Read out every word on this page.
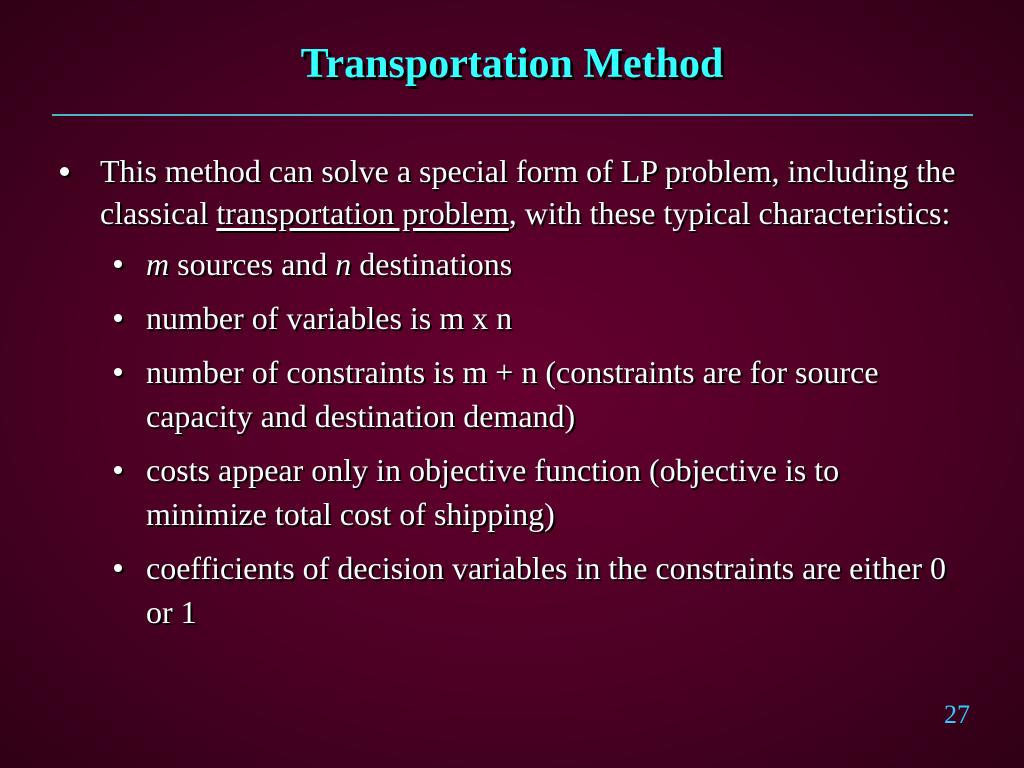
Transportation Method
This method can solve a special form of LP problem, including the classical transportation problem, with these typical characteristics:
m sources and n destinations
number of variables is m x n
number of constraints is m + n (constraints are for source capacity and destination demand)
costs appear only in objective function (objective is to minimize total cost of shipping)
coefficients of decision variables in the constraints are either 0 or 1
27
